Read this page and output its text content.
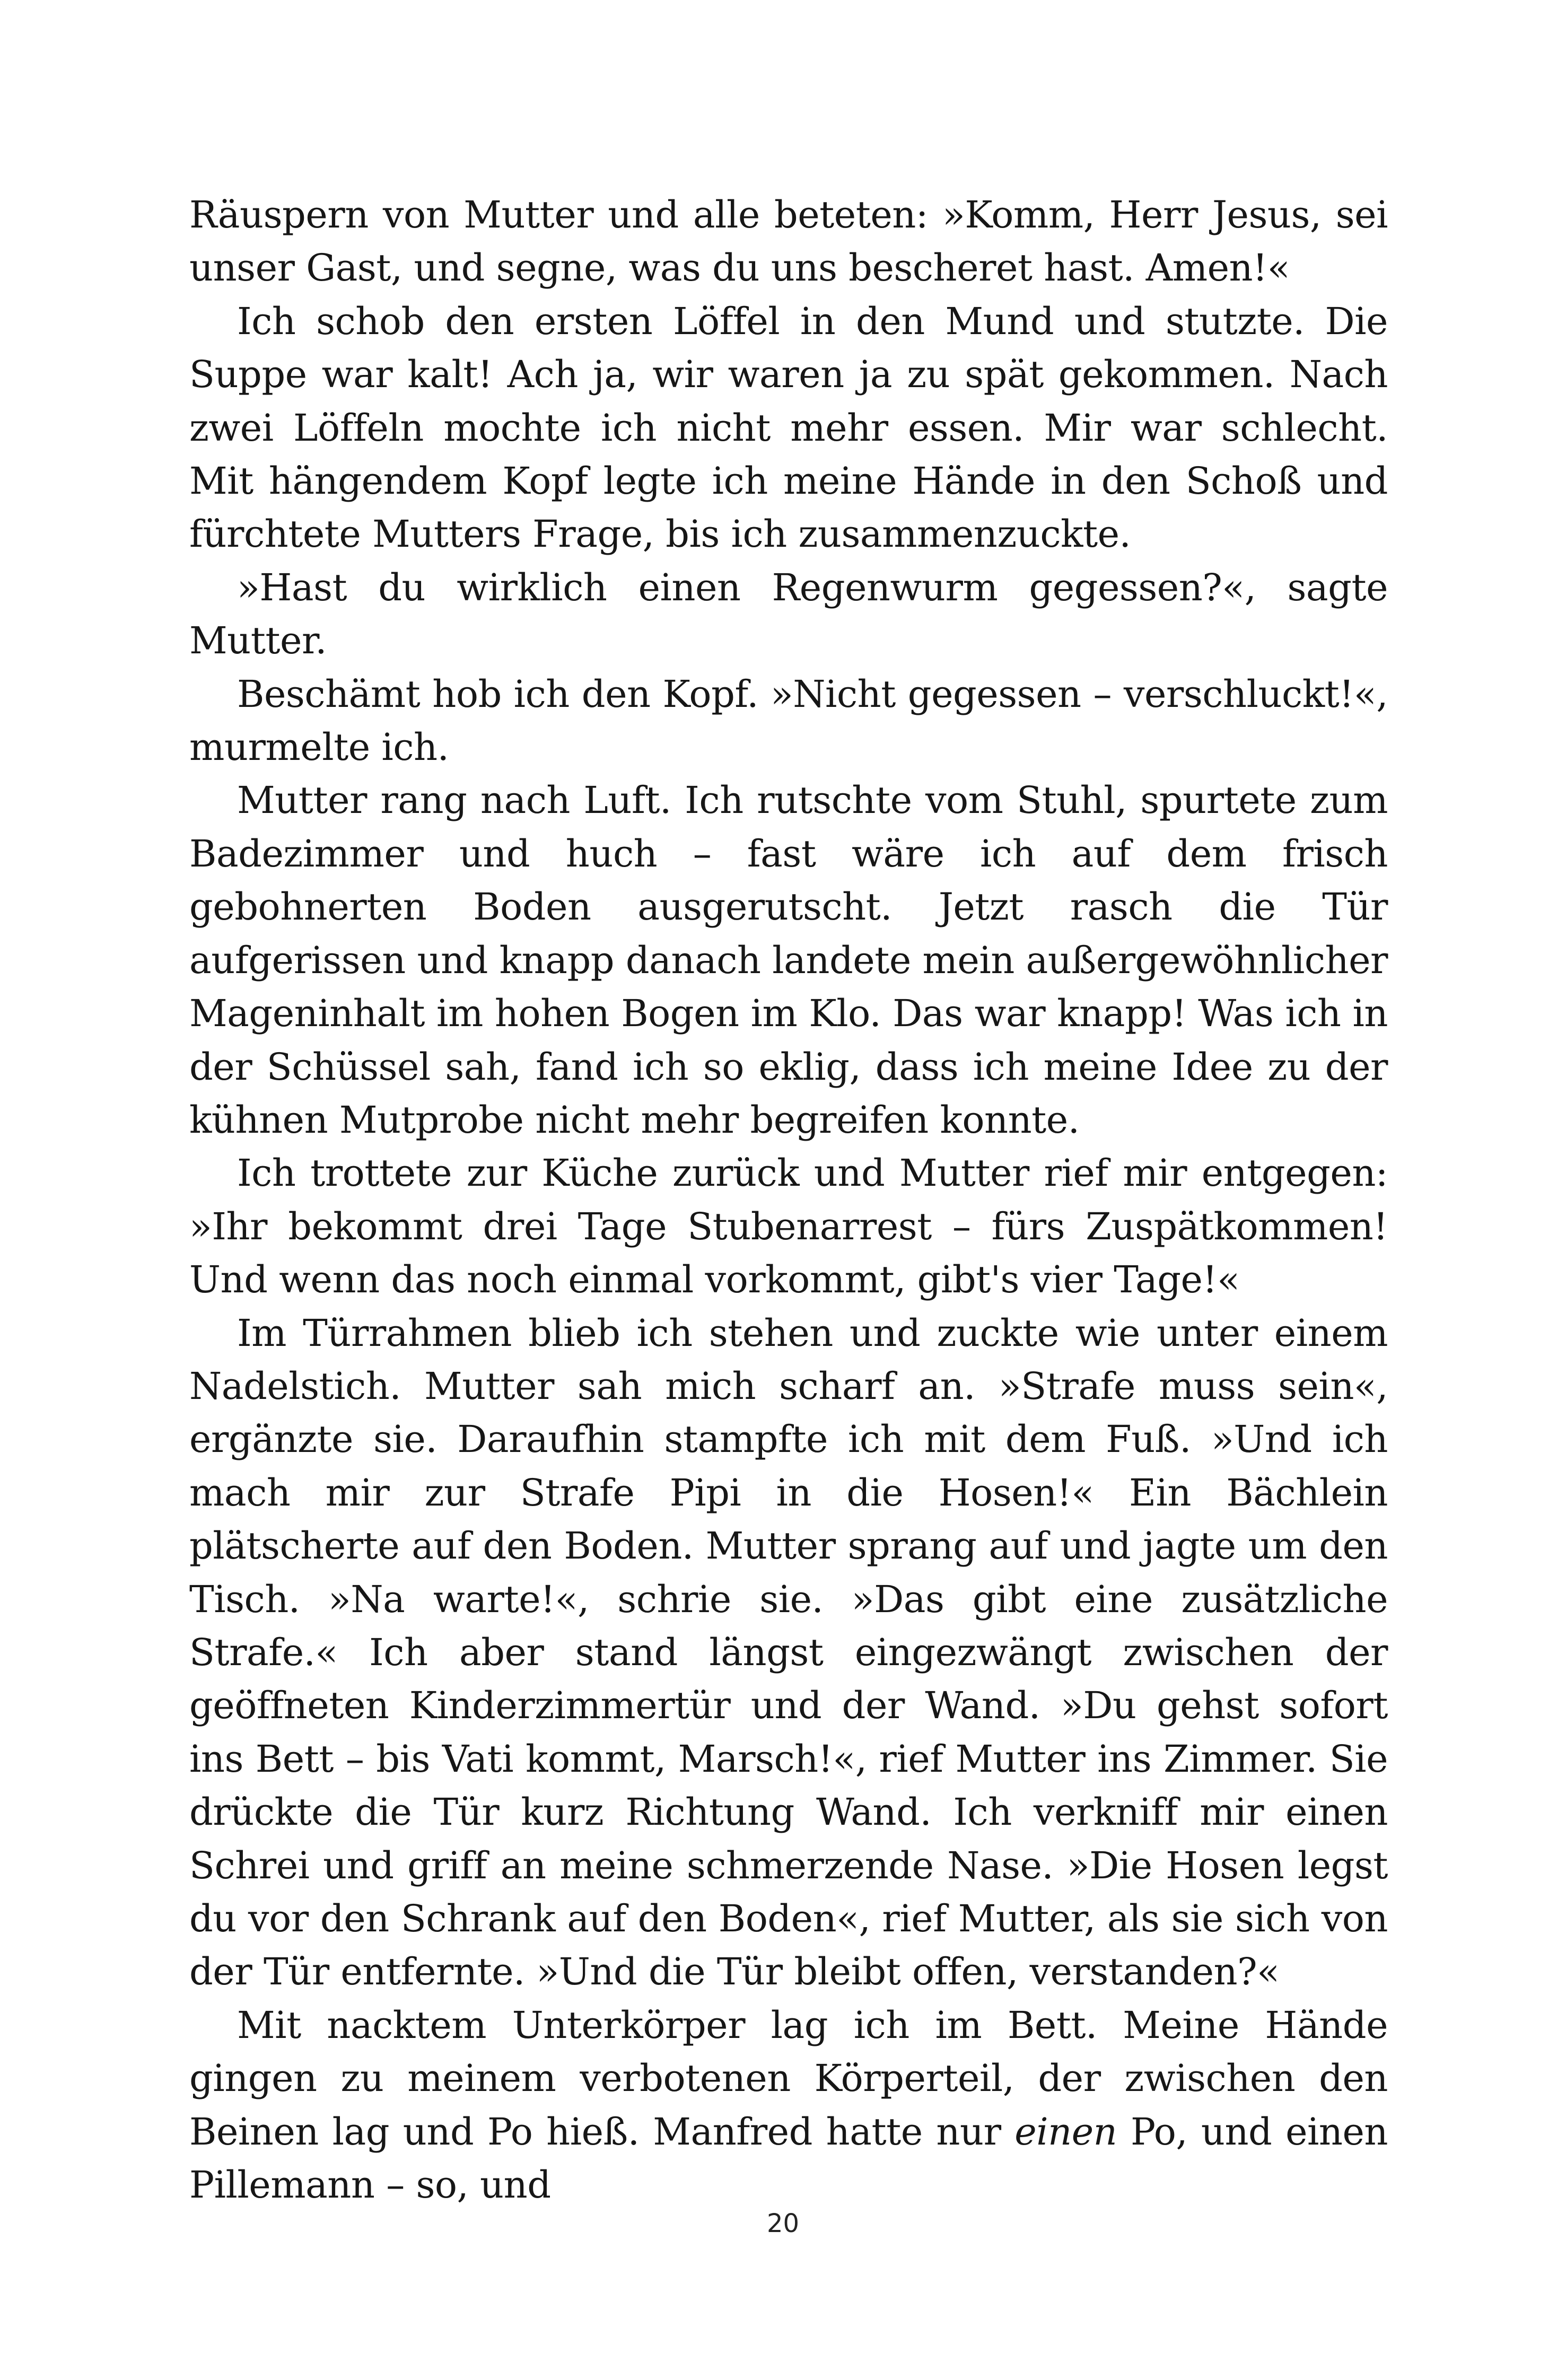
Räuspern von Mutter und alle beteten: »Komm, Herr Jesus, sei unser Gast, und segne, was du uns bescheret hast. Amen!«

Ich schob den ersten Löffel in den Mund und stutzte. Die Suppe war kalt! Ach ja, wir waren ja zu spät gekommen. Nach zwei Löffeln mochte ich nicht mehr essen. Mir war schlecht. Mit hängendem Kopf legte ich meine Hände in den Schoß und fürchtete Mutters Frage, bis ich zusammenzuckte.

»Hast du wirklich einen Regenwurm gegessen?«, sagte Mutter.

Beschämt hob ich den Kopf. »Nicht gegessen – verschluckt!«, murmelte ich.

Mutter rang nach Luft. Ich rutschte vom Stuhl, spurtete zum Badezimmer und huch – fast wäre ich auf dem frisch gebohnerten Boden ausgerutscht. Jetzt rasch die Tür aufgerissen und knapp danach landete mein außergewöhnlicher Mageninhalt im hohen Bogen im Klo. Das war knapp! Was ich in der Schüssel sah, fand ich so eklig, dass ich meine Idee zu der kühnen Mutprobe nicht mehr begreifen konnte.

Ich trottete zur Küche zurück und Mutter rief mir entgegen: »Ihr bekommt drei Tage Stubenarrest – fürs Zuspätkommen! Und wenn das noch einmal vorkommt, gibt's vier Tage!«

Im Türrahmen blieb ich stehen und zuckte wie unter einem Nadelstich. Mutter sah mich scharf an. »Strafe muss sein«, ergänzte sie. Daraufhin stampfte ich mit dem Fuß. »Und ich mach mir zur Strafe Pipi in die Hosen!« Ein Bächlein plätscherte auf den Boden. Mutter sprang auf und jagte um den Tisch. »Na warte!«, schrie sie. »Das gibt eine zusätzliche Strafe.« Ich aber stand längst eingezwängt zwischen der geöffneten Kinderzimmertür und der Wand. »Du gehst sofort ins Bett – bis Vati kommt, Marsch!«, rief Mutter ins Zimmer. Sie drückte die Tür kurz Richtung Wand. Ich verkniff mir einen Schrei und griff an meine schmerzende Nase. »Die Hosen legst du vor den Schrank auf den Boden«, rief Mutter, als sie sich von der Tür entfernte. »Und die Tür bleibt offen, verstanden?«

Mit nacktem Unterkörper lag ich im Bett. Meine Hände gingen zu meinem verbotenen Körperteil, der zwischen den Beinen lag und Po hieß. Manfred hatte nur einen Po, und einen Pillemann – so, und

20
